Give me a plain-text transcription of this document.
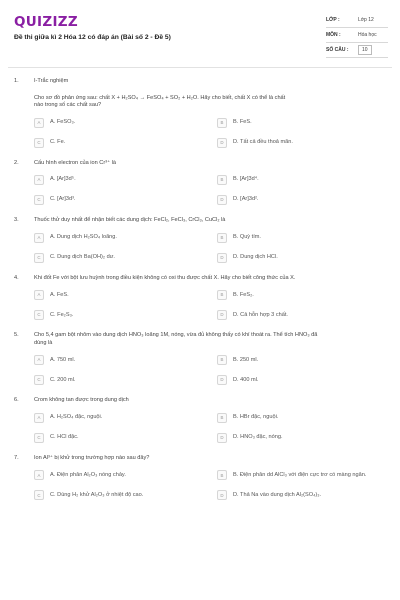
QUIZIZZ
Đề thi giữa kì 2 Hóa 12 có đáp án (Bài số 2 - Đề 5)
LỚP :	Lớp 12
MÔN :	Hóa học
SỐ CÂU :	10
1.	I-Trắc nghiệm
Cho sơ đồ phản ứng sau: chất X + H₂SO₄ → FeSO₄ + SO₂ + H₂O. Hãy cho biết, chất X có thể là chất
nào trong số các chất sau?
A	A. FeSO₃.	B	B. FeS.
C	C. Fe.	D	D. Tất cả đều thoả mãn.
2.	Cấu hình electron của ion Cr³⁺ là
A	A. [Ar]3d⁵.	B	B. [Ar]3d⁴.
C	C. [Ar]3d³.	D	D. [Ar]3d².
3.	Thuốc thử duy nhất để nhận biết các dung dịch: FeCl₂, FeCl₃, CrCl₃, CuCl₂ là
A	A. Dung dịch H₂SO₄ loãng.	B	B. Quỳ tím.
C	C. Dung dịch Ba(OH)₂ dư.	D	D. Dung dịch HCl.
4.	Khi đốt Fe với bột lưu huỳnh trong điều kiện không có oxi thu được chất X. Hãy cho biết công thức của X.
A	A. FeS.	B	B. FeS₂.
C	C. Fe₂S₃.	D	D. Cả hỗn hợp 3 chất.
5.	Cho 5,4 gam bột nhôm vào dung dịch HNO₃ loãng 1M, nóng, vừa đủ không thấy có khí thoát ra. Thể tích HNO₃ đã
dùng là
A	A. 750 ml.	B	B. 250 ml.
C	C. 200 ml.	D	D. 400 ml.
6.	Crom không tan được trong dung dịch
A	A. H₂SO₄ đặc, nguội.	B	B. HBr đặc, nguội.
C	C. HCl đặc.	D	D. HNO₃ đặc, nóng.
7.	Ion Al³⁺ bị khử trong trường hợp nào sau đây?
A	A. Điện phân Al₂O₃ nóng chảy.	B	B. Điện phân dd AlCl₃ với điện cực trơ có màng ngăn.
C	C. Dùng H₂ khử Al₂O₃ ở nhiệt độ cao.	D	D. Thả Na vào dung dịch Al₂(SO₄)₃.
